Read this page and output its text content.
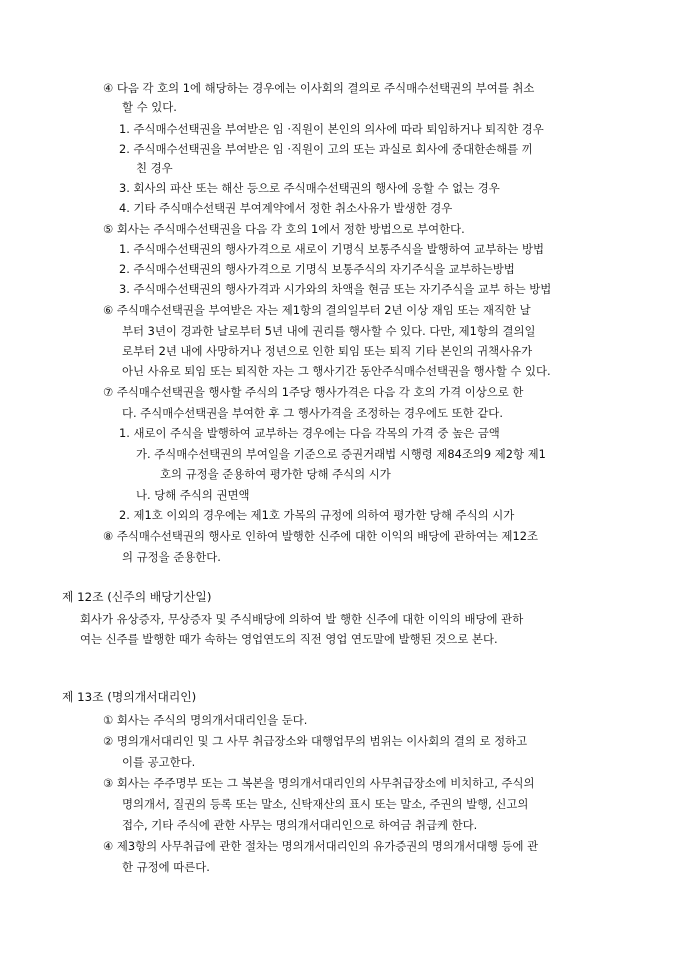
④ 다음 각 호의 1에 해당하는 경우에는 이사회의 결의로 주식매수선택권의 부여를 취소
할 수 있다.
1. 주식매수선택권을 부여받은 임 ·직원이 본인의 의사에 따라 퇴임하거나 퇴직한 경우
2. 주식매수선택권을 부여받은 임 ·직원이 고의 또는 과실로 회사에 중대한손해를 끼
친 경우
3. 회사의 파산 또는 해산 등으로 주식매수선택권의 행사에 응할 수 없는 경우
4. 기타 주식매수선택권 부여계약에서 정한 취소사유가 발생한 경우
⑤ 회사는 주식매수선택권을 다음 각 호의 1에서 정한 방법으로 부여한다.
1. 주식매수선택권의 행사가격으로 새로이 기명식 보통주식을 발행하여 교부하는 방법
2. 주식매수선택권의 행사가격으로 기명식 보통주식의 자기주식을 교부하는방법
3. 주식매수선택권의 행사가격과 시가와의 차액을 현금 또는 자기주식을 교부 하는 방법
⑥ 주식매수선택권을 부여받은 자는 제1항의 결의일부터 2년 이상 재임 또는 재직한 날
부터 3년이 경과한 날로부터 5년 내에 권리를 행사할 수 있다. 다만, 제1항의 결의일
로부터 2년 내에 사망하거나 정년으로 인한 퇴임 또는 퇴직 기타 본인의 귀책사유가
아닌 사유로 퇴임 또는 퇴직한 자는 그 행사기간 동안주식매수선택권을 행사할 수 있다.
⑦ 주식매수선택권을 행사할 주식의 1주당 행사가격은 다음 각 호의 가격 이상으로 한
다. 주식매수선택권을 부여한 후 그 행사가격을 조정하는 경우에도 또한 같다.
1. 새로이 주식을 발행하여 교부하는 경우에는 다음 각목의 가격 중 높은 금액
가. 주식매수선택권의 부여일을 기준으로 증권거래법 시행령 제84조의9 제2항 제1
호의 규정을 준용하여 평가한 당해 주식의 시가
나. 당해 주식의 권면액
2. 제1호 이외의 경우에는 제1호 가목의 규정에 의하여 평가한 당해 주식의 시가
⑧ 주식매수선택권의 행사로 인하여 발행한 신주에 대한 이익의 배당에 관하여는 제12조
의 규정을 준용한다.
제 12조 (신주의 배당기산일)
회사가 유상증자, 무상증자 및 주식배당에 의하여 발 행한 신주에 대한 이익의 배당에 관하
여는 신주를 발행한 때가 속하는 영업연도의 직전 영업 연도말에 발행된 것으로 본다.
제 13조 (명의개서대리인)
① 회사는 주식의 명의개서대리인을 둔다.
② 명의개서대리인 및 그 사무 취급장소와 대행업무의 범위는 이사회의 결의 로 정하고
이를 공고한다.
③ 회사는 주주명부 또는 그 복본을 명의개서대리인의 사무취급장소에 비치하고, 주식의
명의개서, 질권의 등록 또는 말소, 신탁재산의 표시 또는 말소, 주권의 발행, 신고의
접수, 기타 주식에 관한 사무는 명의개서대리인으로 하여금 취급케 한다.
④ 제3항의 사무취급에 관한 절차는 명의개서대리인의 유가증권의 명의개서대행 등에 관
한 규정에 따른다.
